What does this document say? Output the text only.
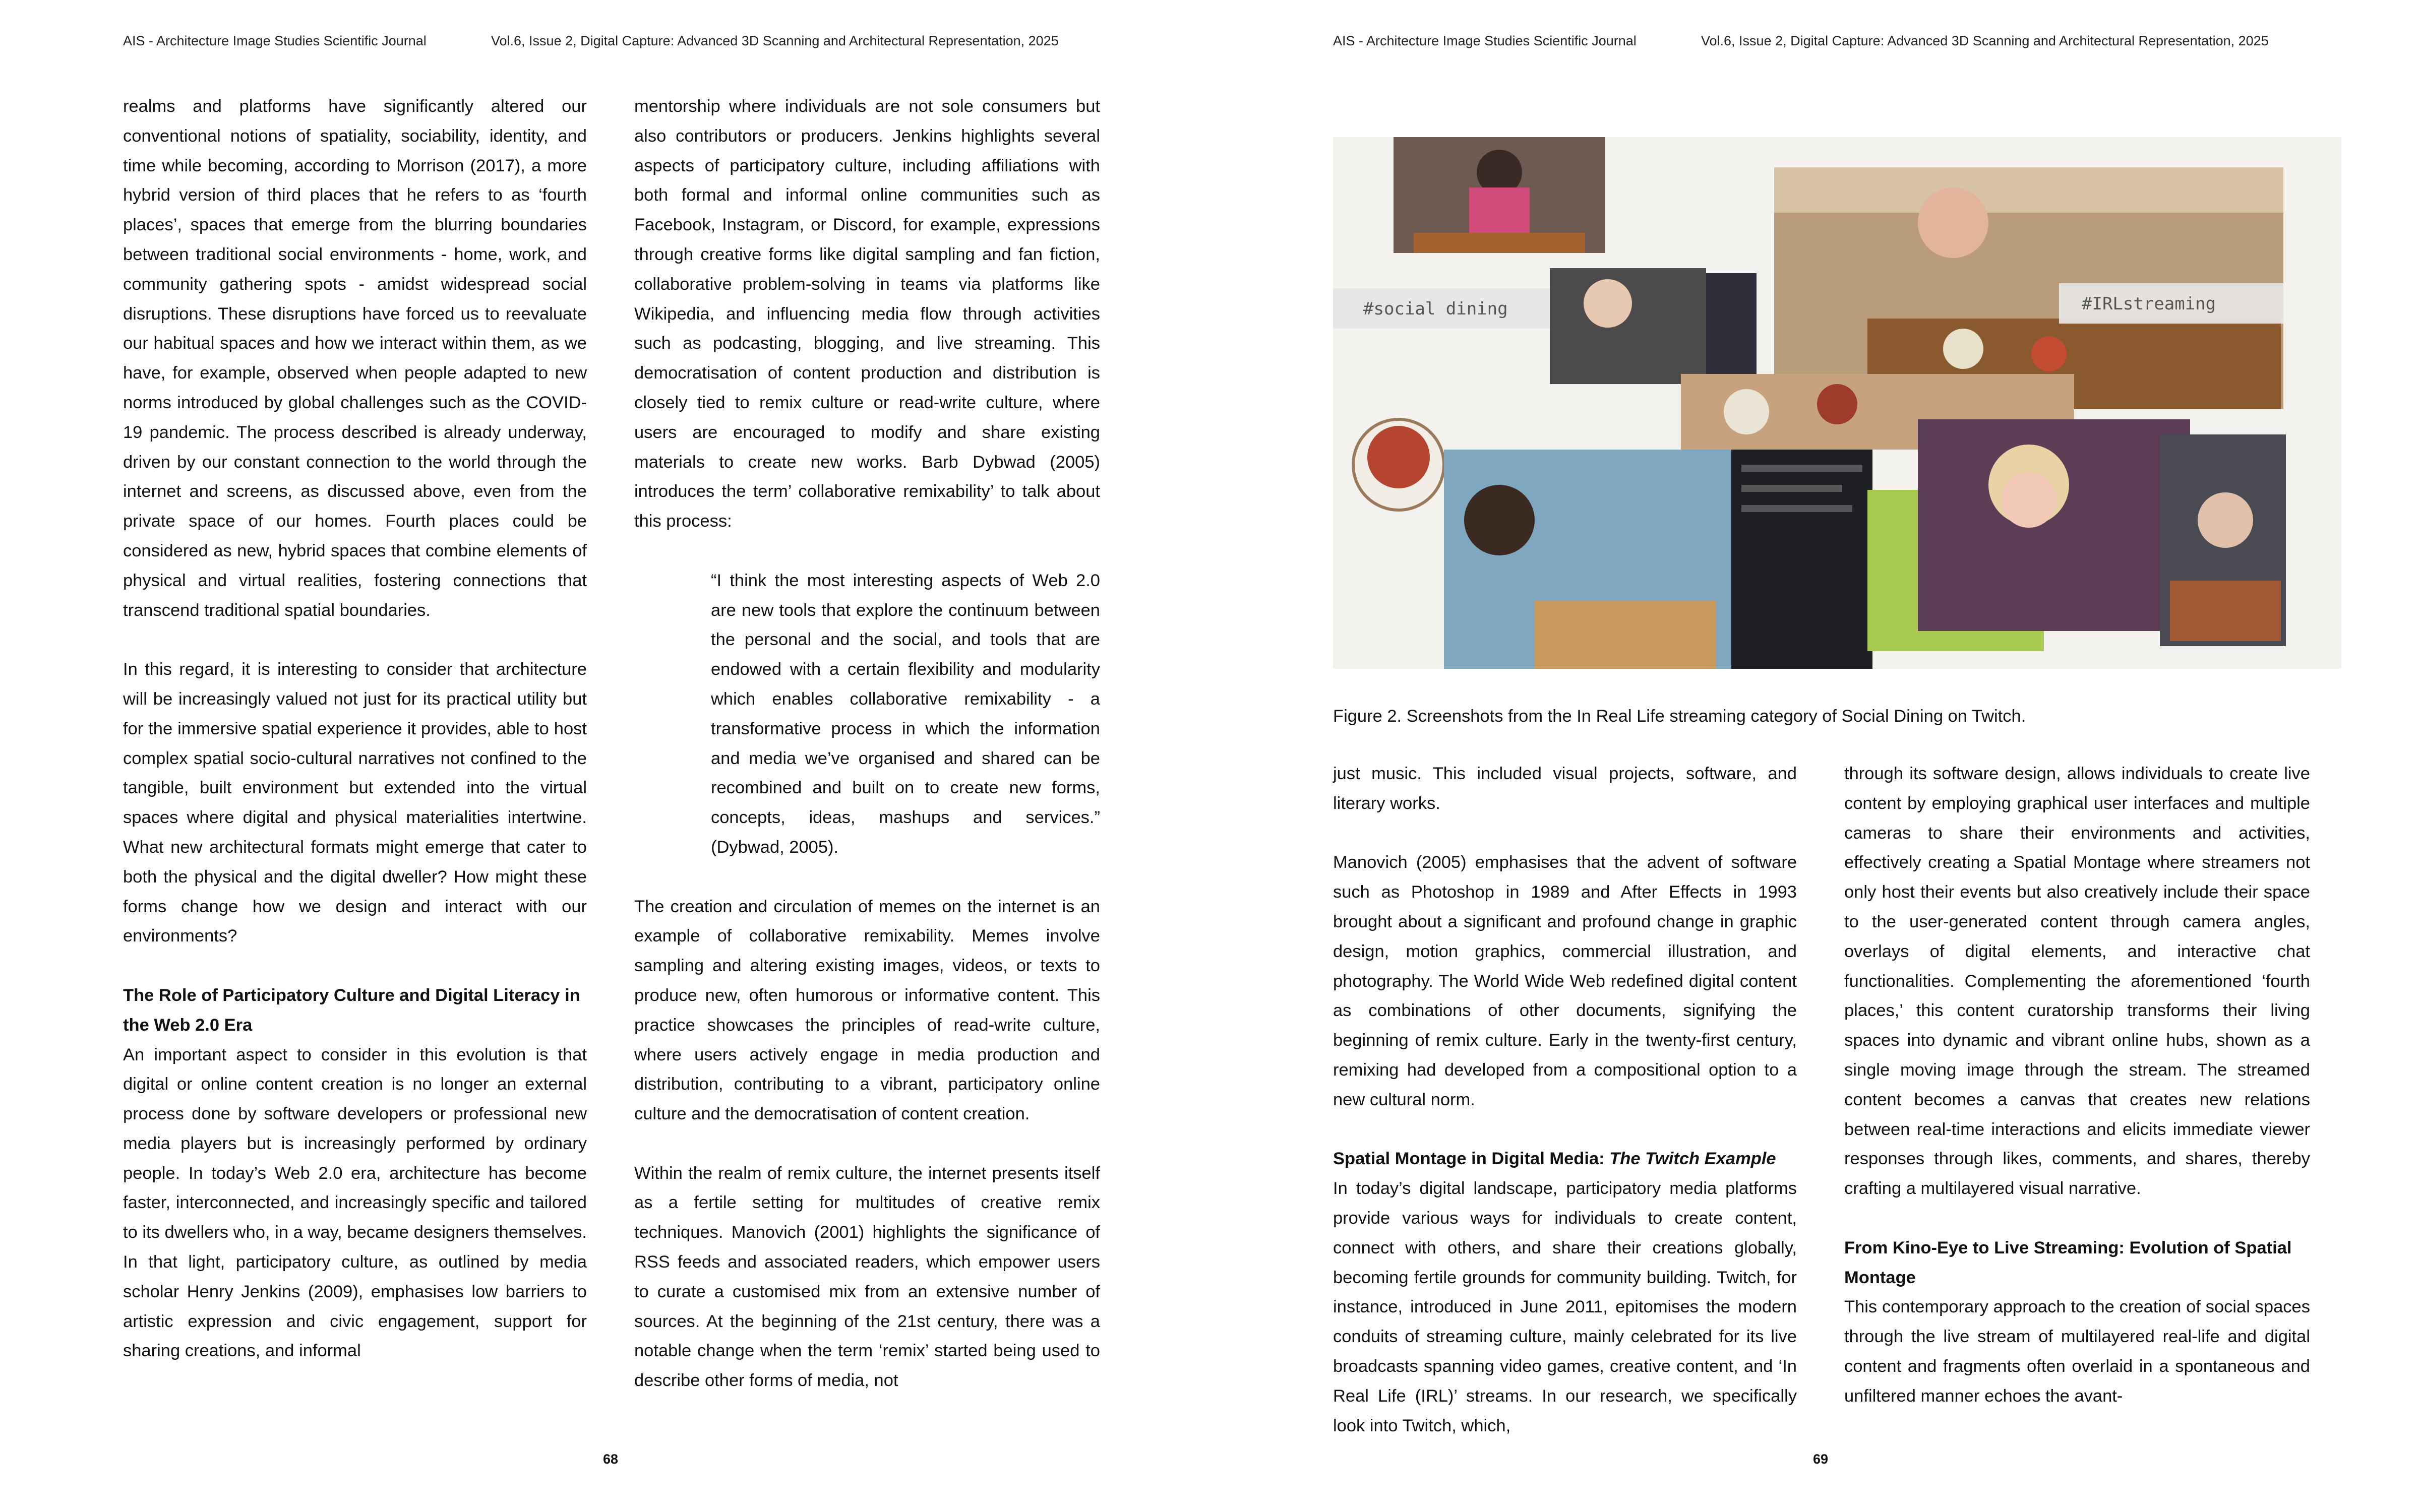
AIS - Architecture Image Studies Scientific Journal	Vol.6, Issue 2, Digital Capture: Advanced 3D Scanning and Architectural Representation, 2025

realms and platforms have significantly altered our conventional notions of spatiality, sociability, identity, and time while becoming, according to Morrison (2017), a more hybrid version of third places that he refers to as ‘fourth places’, spaces that emerge from the blurring boundaries between traditional social environments - home, work, and community gathering spots - amidst widespread social disruptions. These disruptions have forced us to reevaluate our habitual spaces and how we interact within them, as we have, for example, observed when people adapted to new norms introduced by global challenges such as the COVID-19 pandemic. The process described is already underway, driven by our constant connection to the world through the internet and screens, as discussed above, even from the private space of our homes. Fourth places could be considered as new, hybrid spaces that combine elements of physical and virtual realities, fostering connections that transcend traditional spatial boundaries.

In this regard, it is interesting to consider that architecture will be increasingly valued not just for its practical utility but for the immersive spatial experience it provides, able to host complex spatial socio-cultural narratives not confined to the tangible, built environment but extended into the virtual spaces where digital and physical materialities intertwine. What new architectural formats might emerge that cater to both the physical and the digital dweller? How might these forms change how we design and interact with our environments?

The Role of Participatory Culture and Digital Literacy in the Web 2.0 Era

An important aspect to consider in this evolution is that digital or online content creation is no longer an external process done by software developers or professional new media players but is increasingly performed by ordinary people. In today’s Web 2.0 era, architecture has become faster, interconnected, and increasingly specific and tailored to its dwellers who, in a way, became designers themselves. In that light, participatory culture, as outlined by media scholar Henry Jenkins (2009), emphasises low barriers to artistic expression and civic engagement, support for sharing creations, and informal

mentorship where individuals are not sole consumers but also contributors or producers. Jenkins highlights several aspects of participatory culture, including affiliations with both formal and informal online communities such as Facebook, Instagram, or Discord, for example, expressions through creative forms like digital sampling and fan fiction, collaborative problem-solving in teams via platforms like Wikipedia, and influencing media flow through activities such as podcasting, blogging, and live streaming. This democratisation of content production and distribution is closely tied to remix culture or read-write culture, where users are encouraged to modify and share existing materials to create new works. Barb Dybwad (2005) introduces the term’ collaborative remixability’ to talk about this process:

“I think the most interesting aspects of Web 2.0 are new tools that explore the continuum between the personal and the social, and tools that are endowed with a certain flexibility and modularity which enables collaborative remixability - a transformative process in which the information and media we’ve organised and shared can be recombined and built on to create new forms, concepts, ideas, mashups and services.” (Dybwad, 2005).

The creation and circulation of memes on the internet is an example of collaborative remixability. Memes involve sampling and altering existing images, videos, or texts to produce new, often humorous or informative content. This practice showcases the principles of read-write culture, where users actively engage in media production and distribution, contributing to a vibrant, participatory online culture and the democratisation of content creation.

Within the realm of remix culture, the internet presents itself as a fertile setting for multitudes of creative remix techniques. Manovich (2001) highlights the significance of RSS feeds and associated readers, which empower users to curate a customised mix from an extensive number of sources. At the beginning of the 21st century, there was a notable change when the term ‘remix’ started being used to describe other forms of media, not

68
AIS - Architecture Image Studies Scientific Journal	Vol.6, Issue 2, Digital Capture: Advanced 3D Scanning and Architectural Representation, 2025
#social dining	#IRLstreaming
Figure 2. Screenshots from the In Real Life streaming category of Social Dining on Twitch.

just music. This included visual projects, software, and literary works.

Manovich (2005) emphasises that the advent of software such as Photoshop in 1989 and After Effects in 1993 brought about a significant and profound change in graphic design, motion graphics, commercial illustration, and photography. The World Wide Web redefined digital content as combinations of other documents, signifying the beginning of remix culture. Early in the twenty-first century, remixing had developed from a compositional option to a new cultural norm.

Spatial Montage in Digital Media: The Twitch Example

In today’s digital landscape, participatory media platforms provide various ways for individuals to create content, connect with others, and share their creations globally, becoming fertile grounds for community building. Twitch, for instance, introduced in June 2011, epitomises the modern conduits of streaming culture, mainly celebrated for its live broadcasts spanning video games, creative content, and ‘In Real Life (IRL)’ streams. In our research, we specifically look into Twitch, which,

through its software design, allows individuals to create live content by employing graphical user interfaces and multiple cameras to share their environments and activities, effectively creating a Spatial Montage where streamers not only host their events but also creatively include their space to the user-generated content through camera angles, overlays of digital elements, and interactive chat functionalities. Complementing the aforementioned ‘fourth places,’ this content curatorship transforms their living spaces into dynamic and vibrant online hubs, shown as a single moving image through the stream. The streamed content becomes a canvas that creates new relations between real-time interactions and elicits immediate viewer responses through likes, comments, and shares, thereby crafting a multilayered visual narrative.

From Kino-Eye to Live Streaming: Evolution of Spatial Montage

This contemporary approach to the creation of social spaces through the live stream of multilayered real-life and digital content and fragments often overlaid in a spontaneous and unfiltered manner echoes the avant-

69
